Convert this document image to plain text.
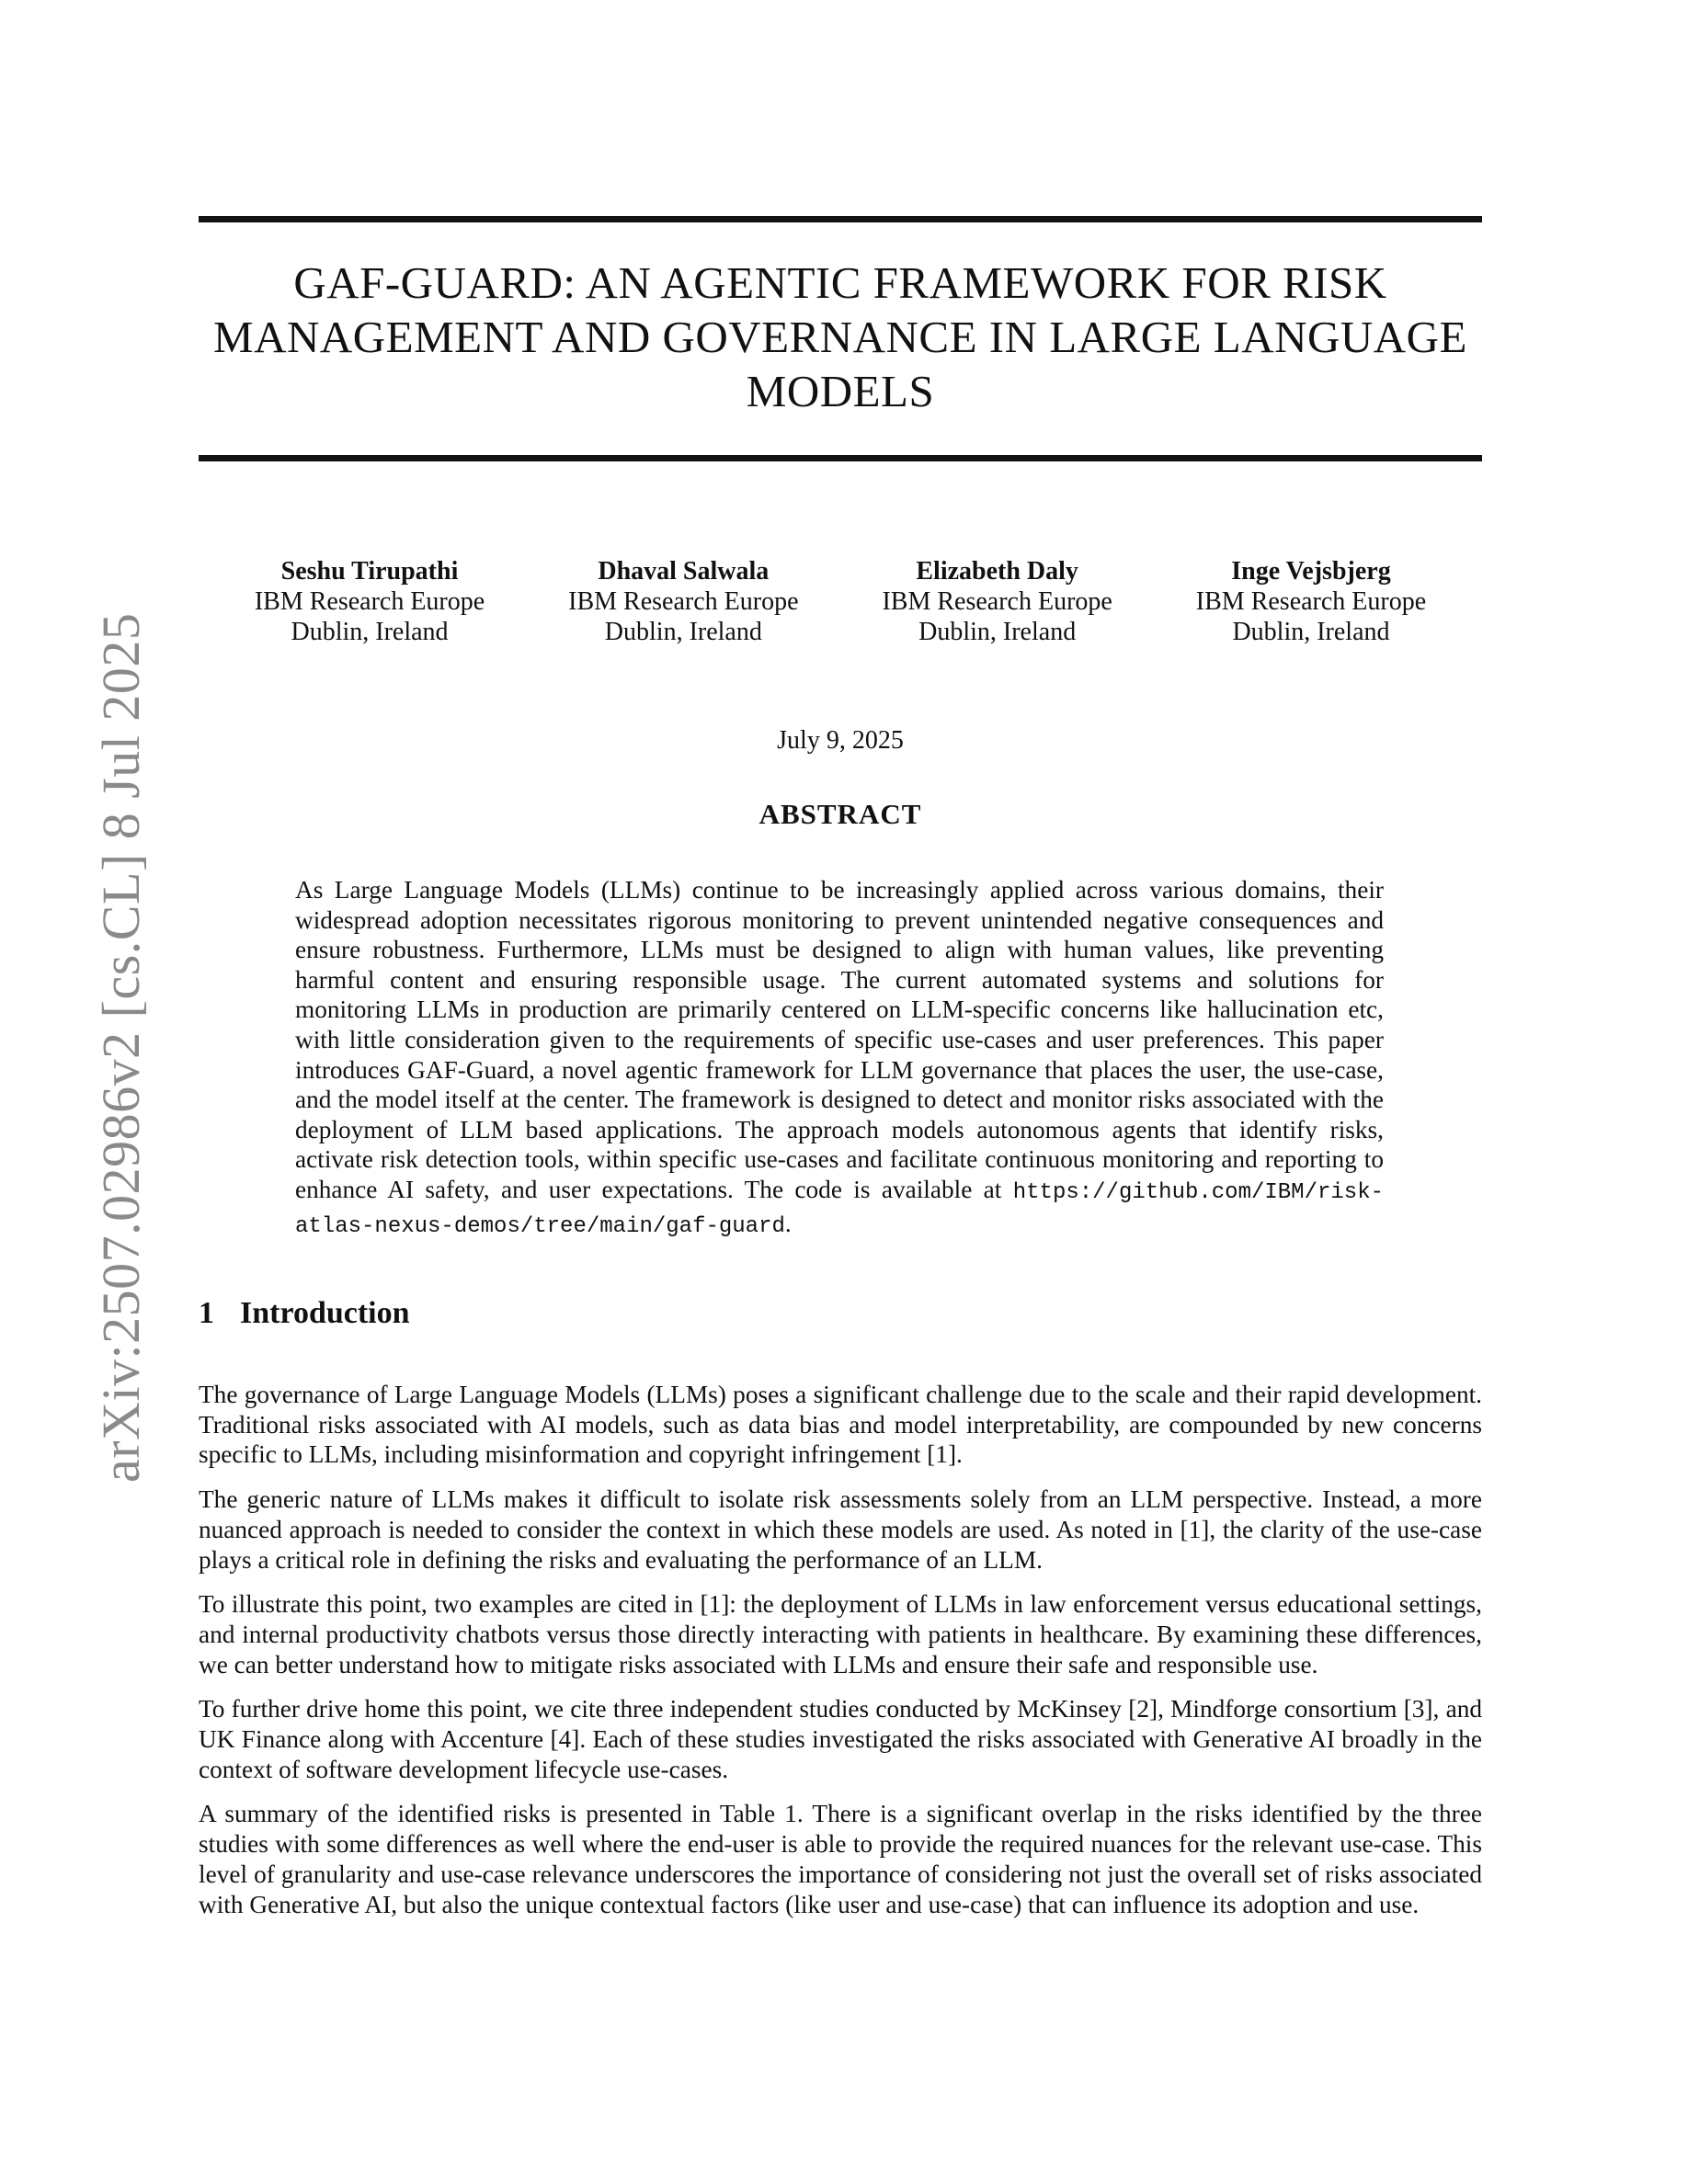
arXiv:2507.02986v2 [cs.CL] 8 Jul 2025
GAF-GUARD: AN AGENTIC FRAMEWORK FOR RISK
MANAGEMENT AND GOVERNANCE IN LARGE LANGUAGE
MODELS
Seshu Tirupathi
IBM Research Europe
Dublin, Ireland
Dhaval Salwala
IBM Research Europe
Dublin, Ireland
Elizabeth Daly
IBM Research Europe
Dublin, Ireland
Inge Vejsbjerg
IBM Research Europe
Dublin, Ireland

July 9, 2025

ABSTRACT

As Large Language Models (LLMs) continue to be increasingly applied across various domains, their widespread adoption necessitates rigorous monitoring to prevent unintended negative consequences and ensure robustness. Furthermore, LLMs must be designed to align with human values, like preventing harmful content and ensuring responsible usage. The current automated systems and solutions for monitoring LLMs in production are primarily centered on LLM-specific concerns like hallucination etc, with little consideration given to the requirements of specific use-cases and user preferences. This paper introduces GAF-Guard, a novel agentic framework for LLM governance that places the user, the use-case, and the model itself at the center. The framework is designed to detect and monitor risks associated with the deployment of LLM based applications. The approach models autonomous agents that identify risks, activate risk detection tools, within specific use-cases and facilitate continuous monitoring and reporting to enhance AI safety, and user expectations. The code is available at https://github.com/IBM/risk-atlas-nexus-demos/tree/main/gaf-guard.

1 Introduction

The governance of Large Language Models (LLMs) poses a significant challenge due to the scale and their rapid development. Traditional risks associated with AI models, such as data bias and model interpretability, are compounded by new concerns specific to LLMs, including misinformation and copyright infringement [1].

The generic nature of LLMs makes it difficult to isolate risk assessments solely from an LLM perspective. Instead, a more nuanced approach is needed to consider the context in which these models are used. As noted in [1], the clarity of the use-case plays a critical role in defining the risks and evaluating the performance of an LLM.

To illustrate this point, two examples are cited in [1]: the deployment of LLMs in law enforcement versus educational settings, and internal productivity chatbots versus those directly interacting with patients in healthcare. By examining these differences, we can better understand how to mitigate risks associated with LLMs and ensure their safe and responsible use.

To further drive home this point, we cite three independent studies conducted by McKinsey [2], Mindforge consortium [3], and UK Finance along with Accenture [4]. Each of these studies investigated the risks associated with Generative AI broadly in the context of software development lifecycle use-cases.

A summary of the identified risks is presented in Table 1. There is a significant overlap in the risks identified by the three studies with some differences as well where the end-user is able to provide the required nuances for the relevant use-case. This level of granularity and use-case relevance underscores the importance of considering not just the overall set of risks associated with Generative AI, but also the unique contextual factors (like user and use-case) that can influence its adoption and use.
